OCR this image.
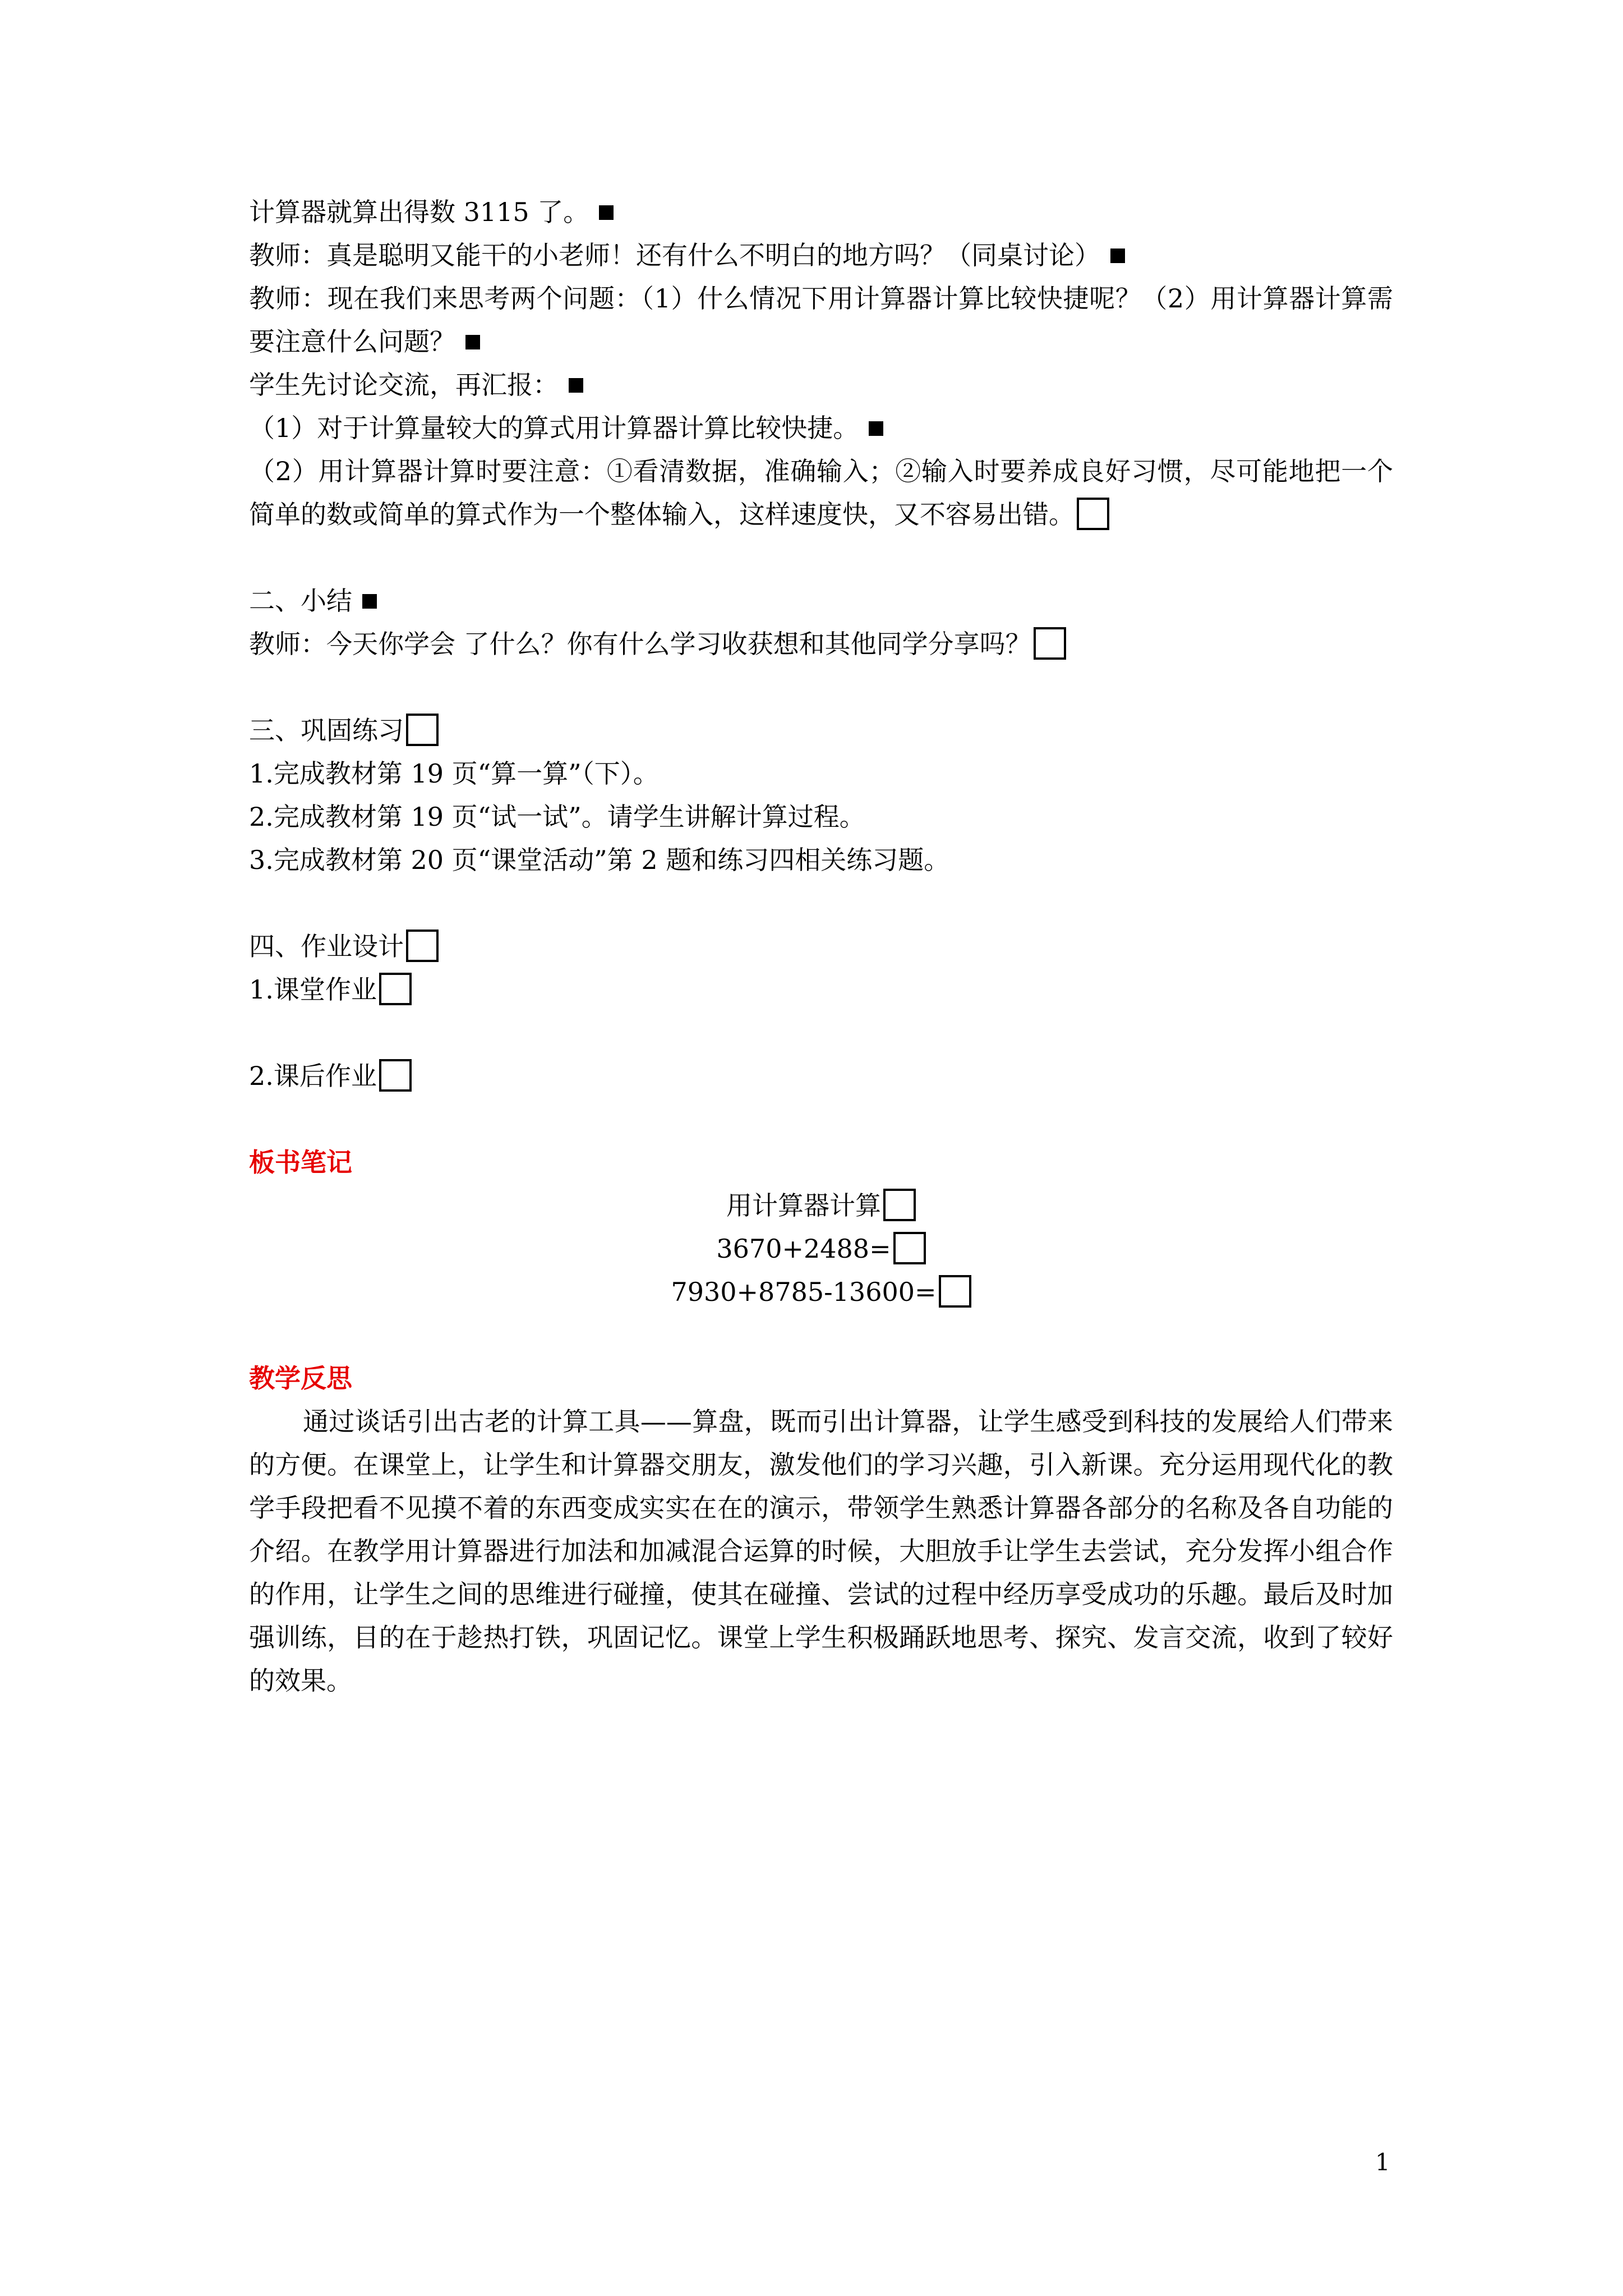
计算器就算出得数 3115 了。

教师：真是聪明又能干的小老师！还有什么不明白的地方吗？（同桌讨论）

教师：现在我们来思考两个问题：（1）什么情况下用计算器计算比较快捷呢？（2）用计算器计算需要注意什么问题？

学生先讨论交流，再汇报：

（1）对于计算量较大的算式用计算器计算比较快捷。

（2）用计算器计算时要注意：①看清数据，准确输入；②输入时要养成良好习惯，尽可能地把一个简单的数或简单的算式作为一个整体输入，这样速度快，又不容易出错。

二、小结

教师：今天你学会 了什么？你有什么学习收获想和其他同学分享吗？

三、巩固练习

1.完成教材第 19 页“算一算”（下）。

2.完成教材第 19 页“试一试”。请学生讲解计算过程。

3.完成教材第 20 页“课堂活动”第 2 题和练习四相关练习题。

四、作业设计

1.课堂作业

2.课后作业

板书笔记

用计算器计算

3670+2488=

7930+8785-13600=

教学反思

通过谈话引出古老的计算工具——算盘，既而引出计算器，让学生感受到科技的发展给人们带来的方便。在课堂上，让学生和计算器交朋友，激发他们的学习兴趣，引入新课。充分运用现代化的教学手段把看不见摸不着的东西变成实实在在的演示，带领学生熟悉计算器各部分的名称及各自功能的介绍。在教学用计算器进行加法和加减混合运算的时候，大胆放手让学生去尝试，充分发挥小组合作的作用，让学生之间的思维进行碰撞，使其在碰撞、尝试的过程中经历享受成功的乐趣。最后及时加强训练，目的在于趁热打铁，巩固记忆。课堂上学生积极踊跃地思考、探究、发言交流，收到了较好的效果。

1
